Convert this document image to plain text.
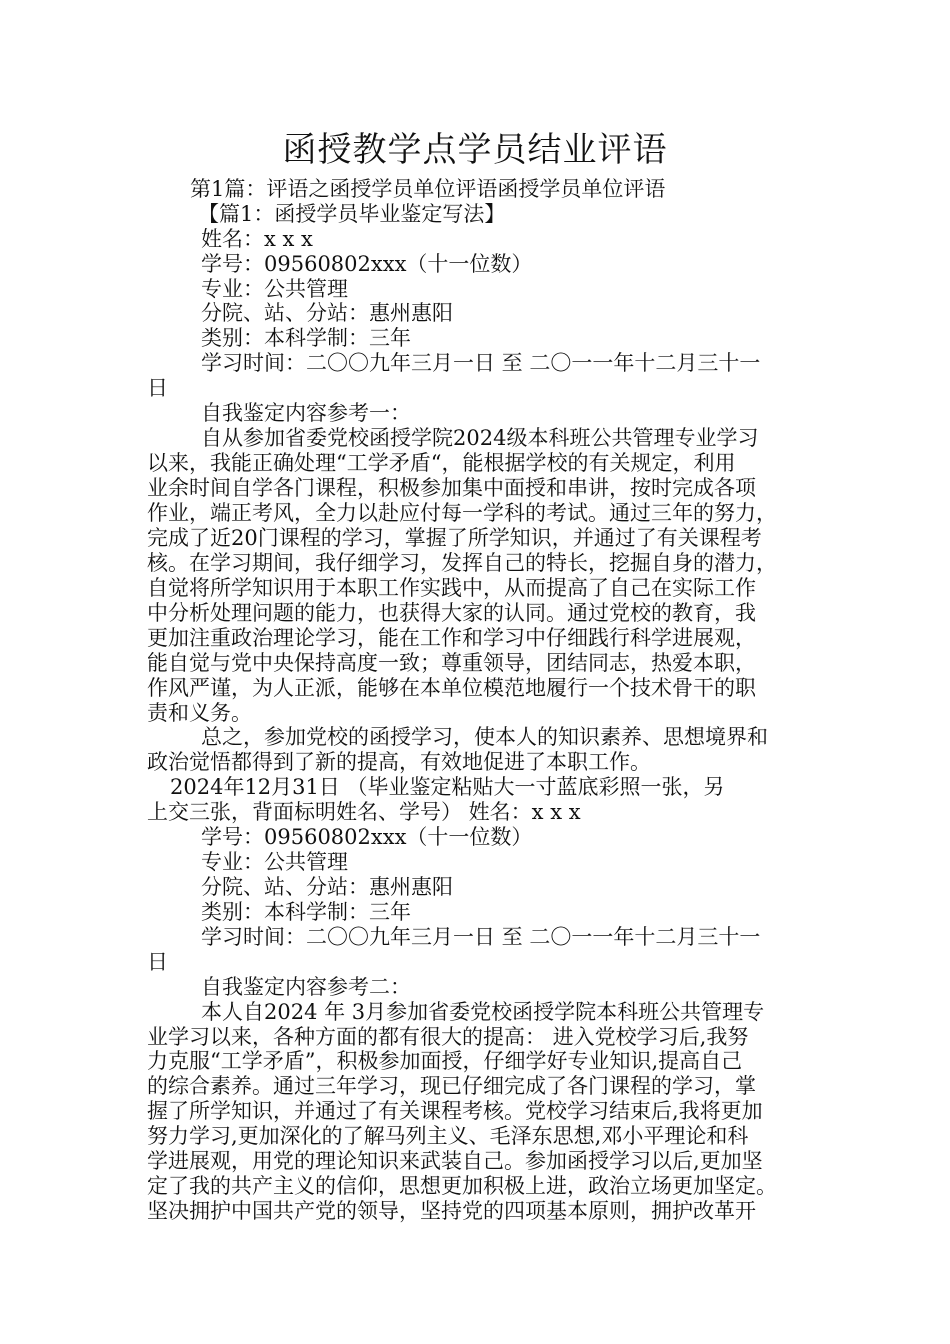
函授教学点学员结业评语
第1篇：评语之函授学员单位评语函授学员单位评语
【篇1：函授学员毕业鉴定写法】
姓名：x x x
学号：09560802xxx（十一位数）
专业：公共管理
分院、站、分站：惠州惠阳
类别：本科学制：三年
学习时间：二〇〇九年三月一日 至 二〇一一年十二月三十一
日
自我鉴定内容参考一：
自从参加省委党校函授学院2024级本科班公共管理专业学习
以来，我能正确处理“工学矛盾“，能根据学校的有关规定，利用
业余时间自学各门课程，积极参加集中面授和串讲，按时完成各项
作业，端正考风，全力以赴应付每一学科的考试。通过三年的努力，
完成了近20门课程的学习，掌握了所学知识，并通过了有关课程考
核。在学习期间，我仔细学习，发挥自己的特长，挖掘自身的潜力，
自觉将所学知识用于本职工作实践中，从而提高了自己在实际工作
中分析处理问题的能力，也获得大家的认同。通过党校的教育，我
更加注重政治理论学习，能在工作和学习中仔细践行科学进展观，
能自觉与党中央保持高度一致；尊重领导，团结同志，热爱本职，
作风严谨，为人正派，能够在本单位模范地履行一个技术骨干的职
责和义务。
总之，参加党校的函授学习，使本人的知识素养、思想境界和
政治觉悟都得到了新的提高，有效地促进了本职工作。
2024年12月31日 （毕业鉴定粘贴大一寸蓝底彩照一张，另
上交三张，背面标明姓名、学号） 姓名：x x x
学号：09560802xxx（十一位数）
专业：公共管理
分院、站、分站：惠州惠阳
类别：本科学制：三年
学习时间：二〇〇九年三月一日 至 二〇一一年十二月三十一
日
自我鉴定内容参考二：
本人自2024 年 3月参加省委党校函授学院本科班公共管理专
业学习以来，各种方面的都有很大的提高： 进入党校学习后,我努
力克服“工学矛盾”，积极参加面授，仔细学好专业知识,提高自己
的综合素养。通过三年学习，现已仔细完成了各门课程的学习，掌
握了所学知识，并通过了有关课程考核。党校学习结束后,我将更加
努力学习,更加深化的了解马列主义、毛泽东思想,邓小平理论和科
学进展观，用党的理论知识来武装自己。参加函授学习以后,更加坚
定了我的共产主义的信仰，思想更加积极上进，政治立场更加坚定。
坚决拥护中国共产党的领导，坚持党的四项基本原则，拥护改革开
